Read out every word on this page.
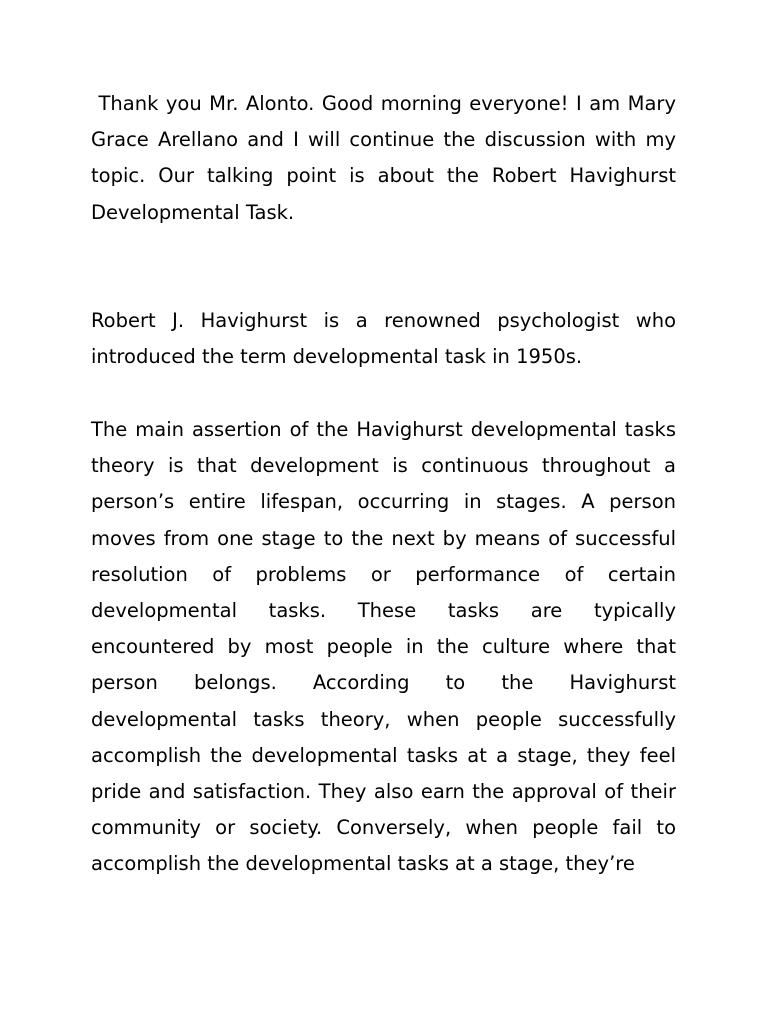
Thank you Mr. Alonto. Good morning everyone! I am Mary Grace Arellano and I will continue the discussion with my topic. Our talking point is about the Robert Havighurst Developmental Task.

Robert J. Havighurst is a renowned psychologist who introduced the term developmental task in 1950s.

The main assertion of the Havighurst developmental tasks theory is that development is continuous throughout a person’s entire lifespan, occurring in stages. A person moves from one stage to the next by means of successful resolution of problems or performance of certain developmental tasks. These tasks are typically encountered by most people in the culture where that person belongs. According to the Havighurst developmental tasks theory, when people successfully accomplish the developmental tasks at a stage, they feel pride and satisfaction. They also earn the approval of their community or society. Conversely, when people fail to accomplish the developmental tasks at a stage, they’re
